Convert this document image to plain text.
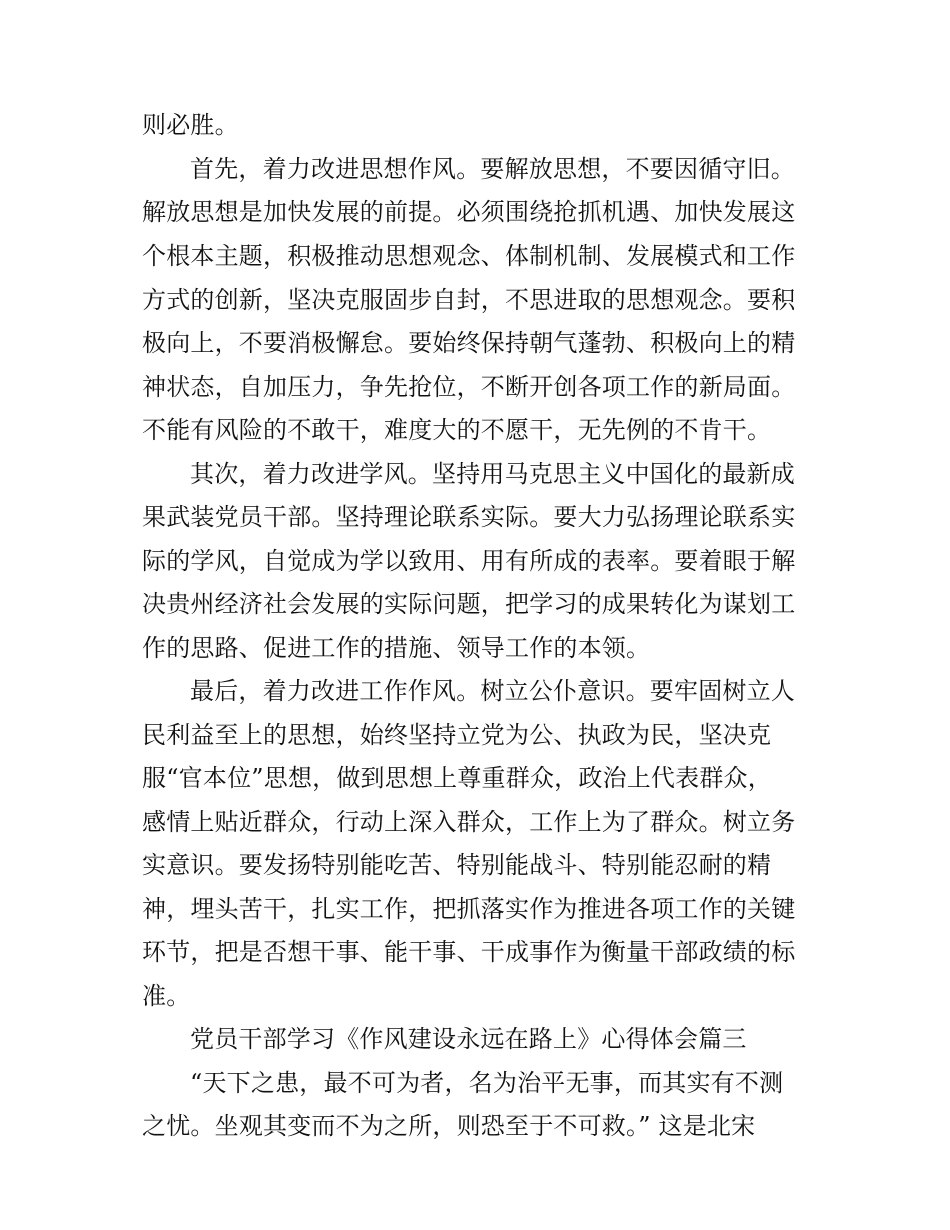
则必胜。
首先，着力改进思想作风。要解放思想，不要因循守旧。
解放思想是加快发展的前提。必须围绕抢抓机遇、加快发展这
个根本主题，积极推动思想观念、体制机制、发展模式和工作
方式的创新，坚决克服固步自封，不思进取的思想观念。要积
极向上，不要消极懈怠。要始终保持朝气蓬勃、积极向上的精
神状态，自加压力，争先抢位，不断开创各项工作的新局面。
不能有风险的不敢干，难度大的不愿干，无先例的不肯干。
其次，着力改进学风。坚持用马克思主义中国化的最新成
果武装党员干部。坚持理论联系实际。要大力弘扬理论联系实
际的学风，自觉成为学以致用、用有所成的表率。要着眼于解
决贵州经济社会发展的实际问题，把学习的成果转化为谋划工
作的思路、促进工作的措施、领导工作的本领。
最后，着力改进工作作风。树立公仆意识。要牢固树立人
民利益至上的思想，始终坚持立党为公、执政为民，坚决克
服“官本位”思想，做到思想上尊重群众，政治上代表群众，
感情上贴近群众，行动上深入群众，工作上为了群众。树立务
实意识。要发扬特别能吃苦、特别能战斗、特别能忍耐的精
神，埋头苦干，扎实工作，把抓落实作为推进各项工作的关键
环节，把是否想干事、能干事、干成事作为衡量干部政绩的标
准。
党员干部学习《作风建设永远在路上》心得体会篇三
“天下之患，最不可为者，名为治平无事，而其实有不测
之忧。坐观其变而不为之所，则恐至于不可救。” 这是北宋
